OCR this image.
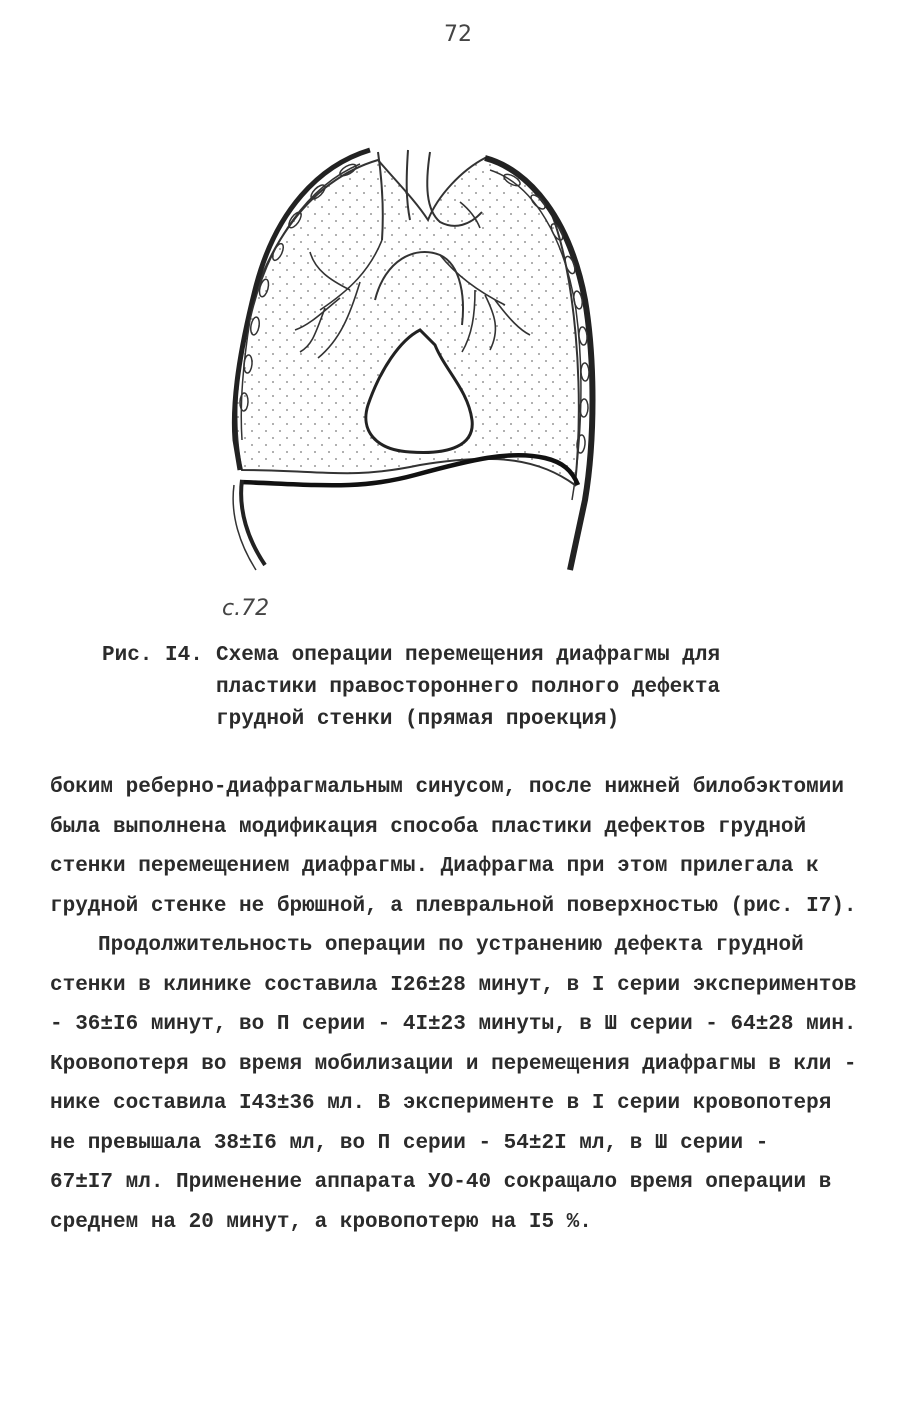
72
с.72
Рис. I4. Схема операции перемещения диафрагмы для
пластики правостороннего полного дефекта
грудной стенки (прямая проекция)
боким реберно-диафрагмальным синусом, после нижней билобэктомии
была выполнена модификация способа пластики дефектов грудной
стенки перемещением диафрагмы. Диафрагма при этом прилегала к
грудной стенке не брюшной, а плевральной поверхностью (рис. I7).
Продолжительность операции по устранению дефекта грудной
стенки в клинике составила I26±28 минут, в I серии экспериментов
- 36±I6 минут, во П серии - 4I±23 минуты, в Ш серии - 64±28 мин.
Кровопотеря во время мобилизации и перемещения диафрагмы в кли -
нике составила I43±36 мл. В эксперименте в I серии кровопотеря
не превышала 38±I6 мл, во П серии - 54±2I мл, в Ш серии -
67±I7 мл. Применение аппарата УО-40 сокращало время операции в
среднем на 20 минут, а кровопотерю на I5 %.
